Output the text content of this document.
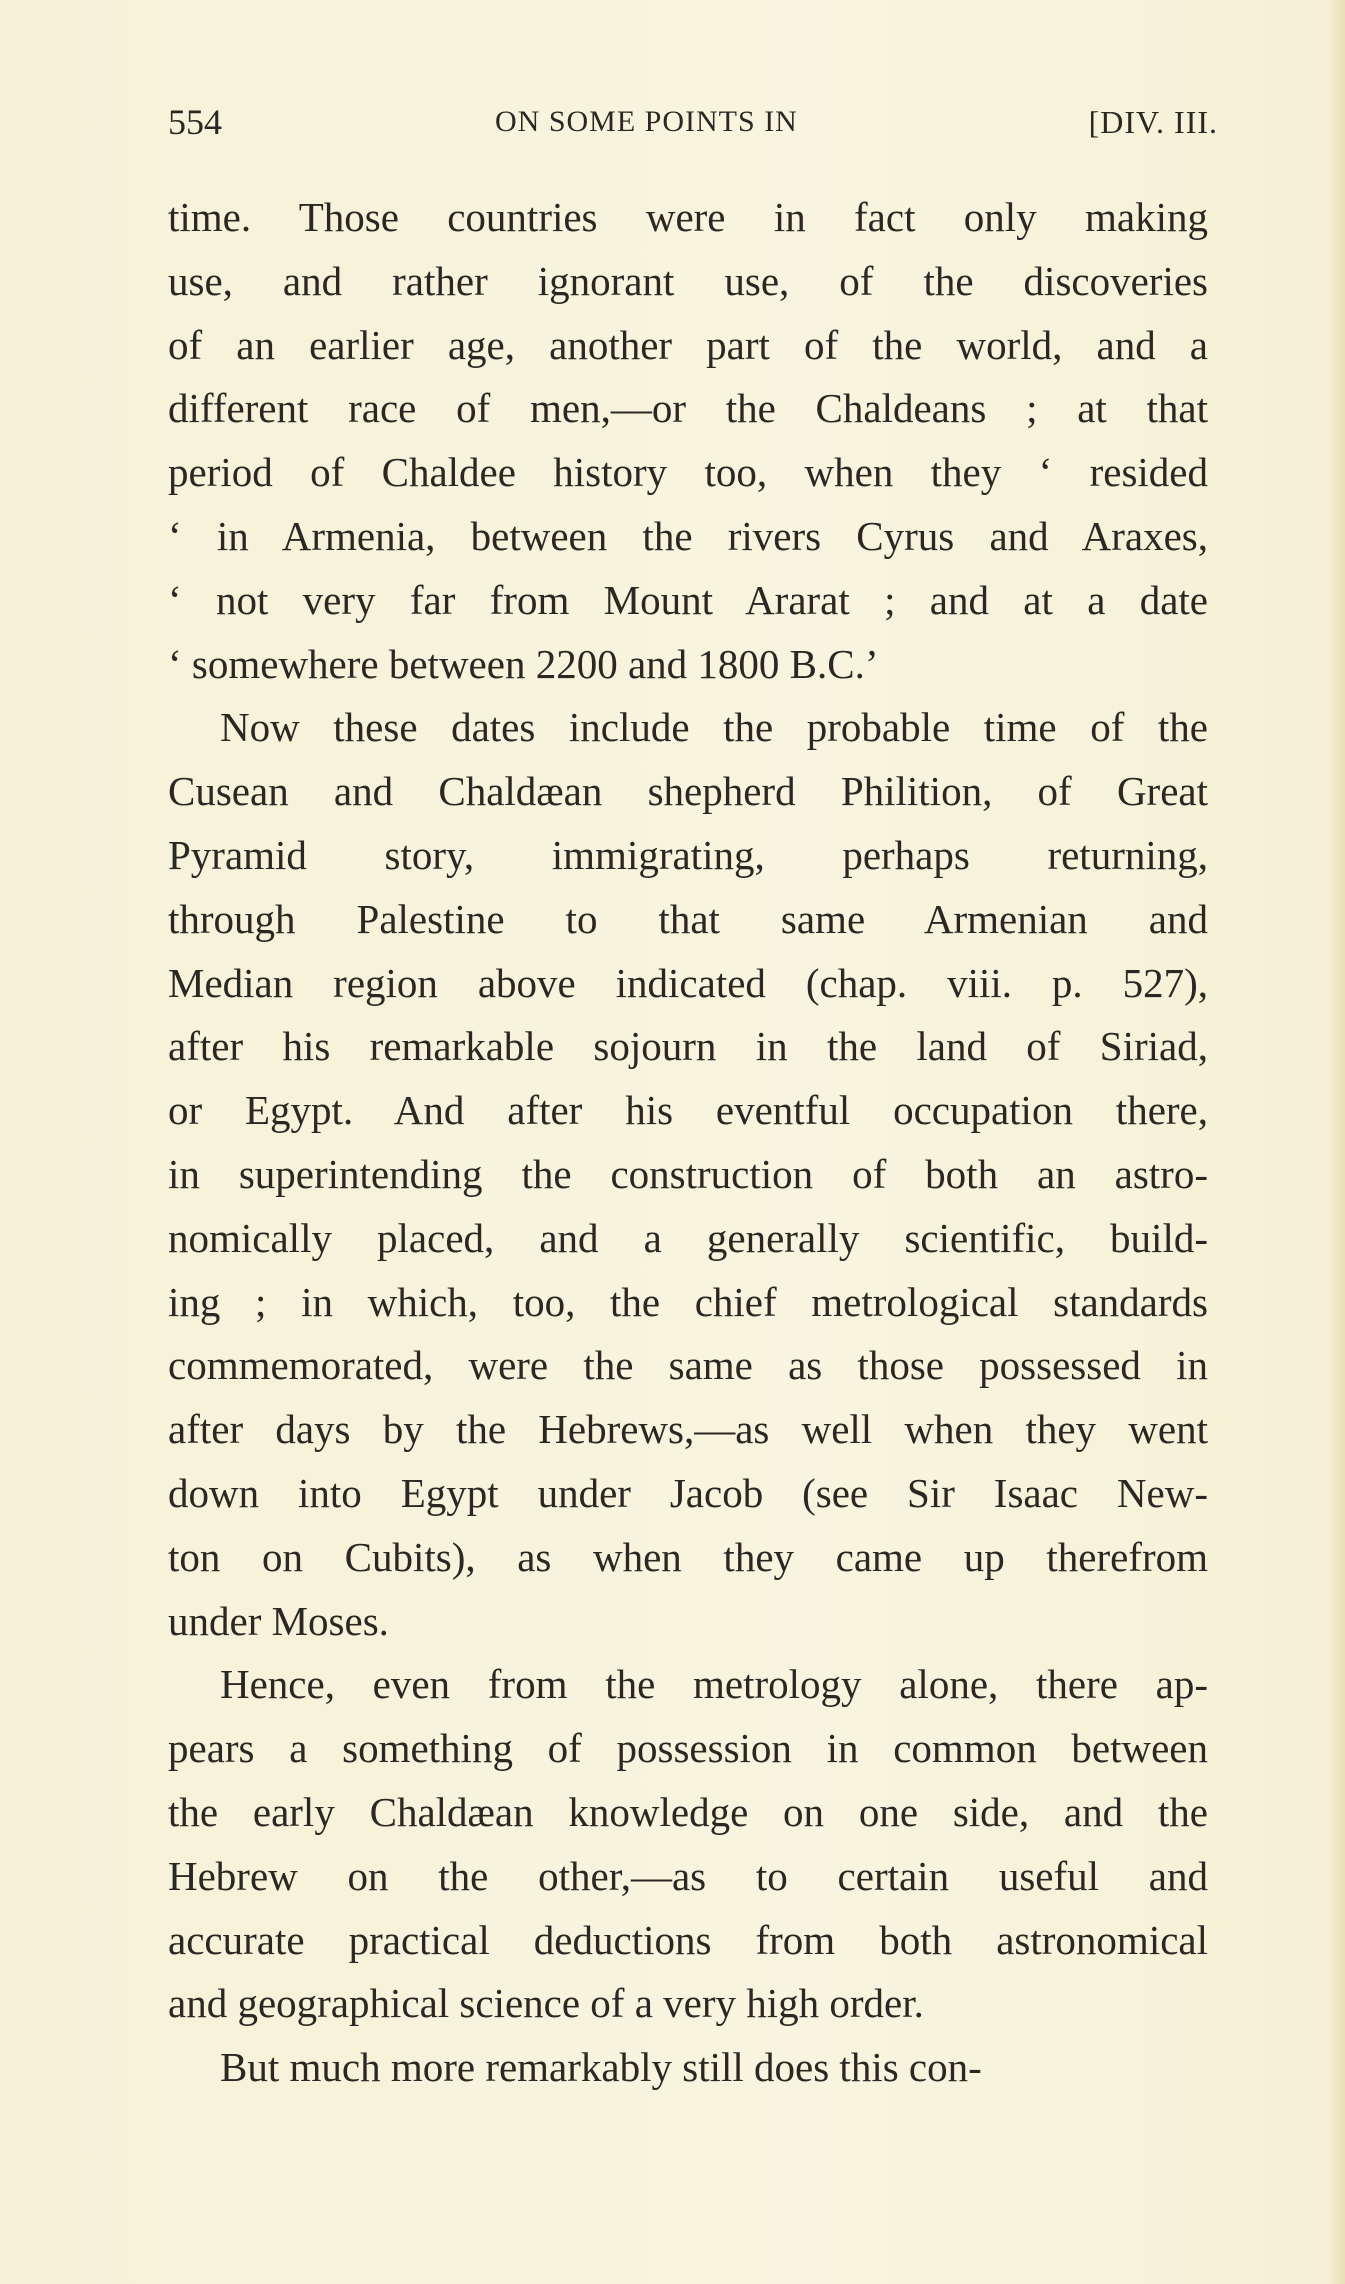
554	ON SOME POINTS IN	[DIV. III.
time. Those countries were in fact only making
use, and rather ignorant use, of the discoveries
of an earlier age, another part of the world, and a
different race of men,—or the Chaldeans ; at that
period of Chaldee history too, when they ‘ resided
‘ in Armenia, between the rivers Cyrus and Araxes,
‘ not very far from Mount Ararat ; and at a date
‘ somewhere between 2200 and 1800 B.C.’
Now these dates include the probable time of the
Cusean and Chaldæan shepherd Philition, of Great
Pyramid story, immigrating, perhaps returning,
through Palestine to that same Armenian and
Median region above indicated (chap. viii. p. 527),
after his remarkable sojourn in the land of Siriad,
or Egypt. And after his eventful occupation there,
in superintending the construction of both an astro-
nomically placed, and a generally scientific, build-
ing ; in which, too, the chief metrological standards
commemorated, were the same as those possessed in
after days by the Hebrews,—as well when they went
down into Egypt under Jacob (see Sir Isaac New-
ton on Cubits), as when they came up therefrom
under Moses.
Hence, even from the metrology alone, there ap-
pears a something of possession in common between
the early Chaldæan knowledge on one side, and the
Hebrew on the other,—as to certain useful and
accurate practical deductions from both astronomical
and geographical science of a very high order.
But much more remarkably still does this con-
